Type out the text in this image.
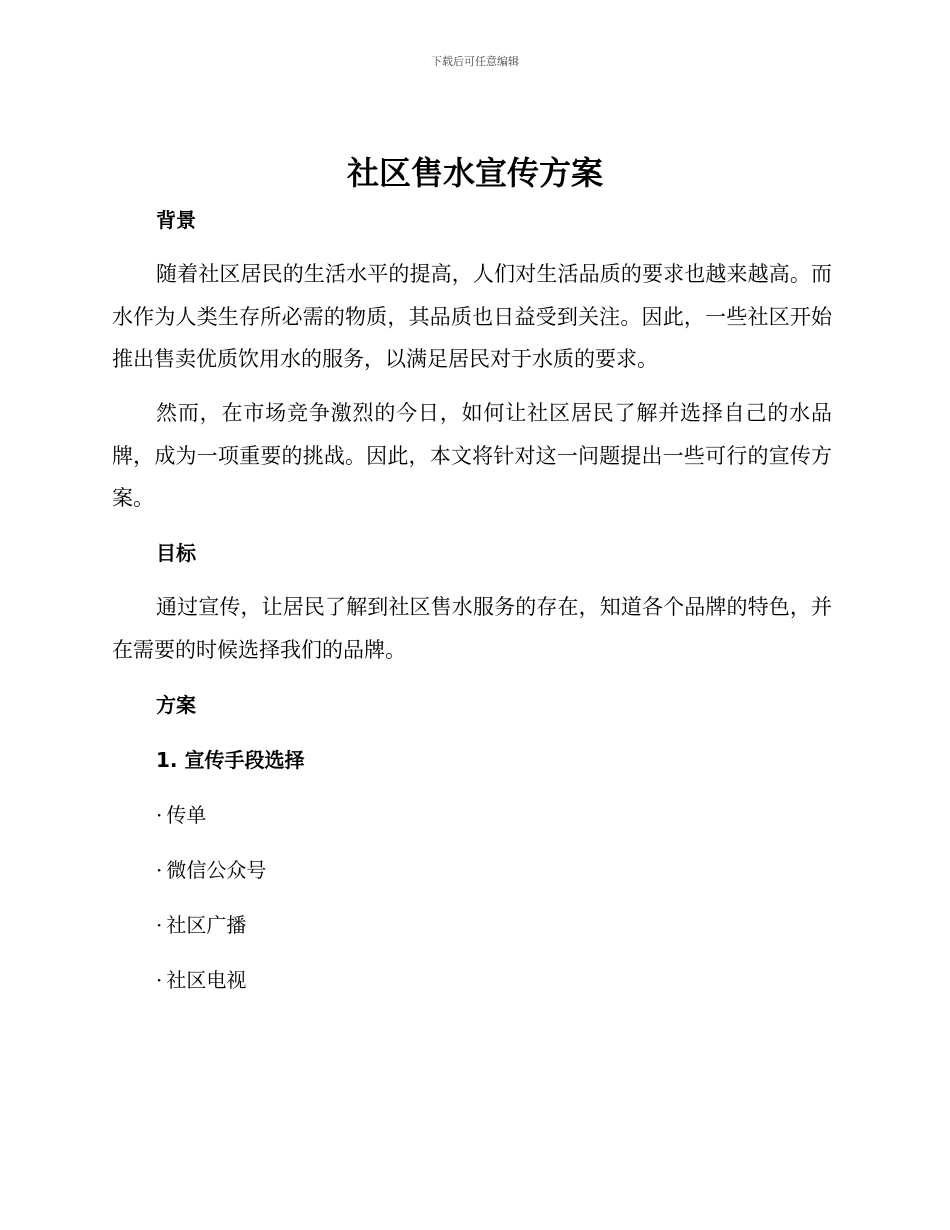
下载后可任意编辑
社区售水宣传方案
背景

随着社区居民的生活水平的提高，人们对生活品质的要求也越来越高。而水作为人类生存所必需的物质，其品质也日益受到关注。因此，一些社区开始推出售卖优质饮用水的服务，以满足居民对于水质的要求。

然而，在市场竞争激烈的今日，如何让社区居民了解并选择自己的水品牌，成为一项重要的挑战。因此，本文将针对这一问题提出一些可行的宣传方案。

目标

通过宣传，让居民了解到社区售水服务的存在，知道各个品牌的特色，并在需要的时候选择我们的品牌。

方案
1. 宣传手段选择

· 传单

· 微信公众号

· 社区广播

· 社区电视
